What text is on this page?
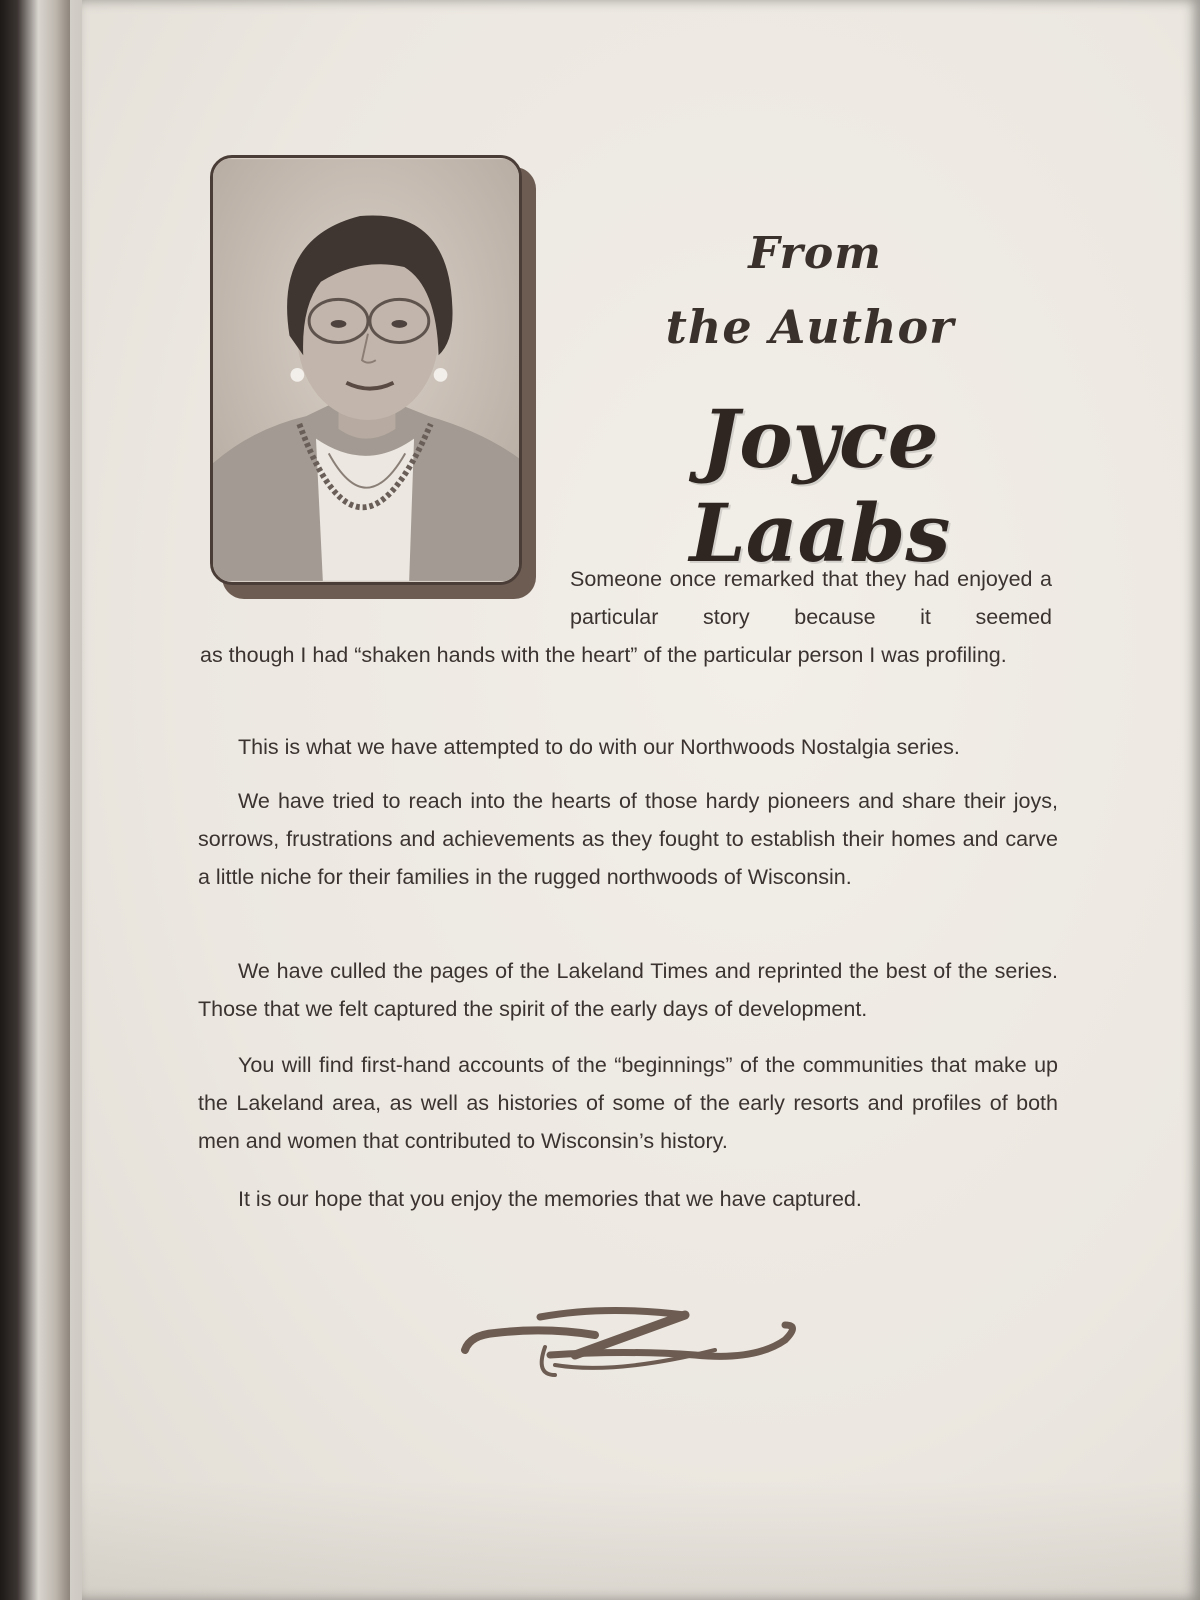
From
the Author
Joyce Laabs
Someone once remarked that they had enjoyed a particular story because it seemed
as though I had “shaken hands with the heart” of the particular person I was profiling.
This is what we have attempted to do with our Northwoods Nostalgia series.
We have tried to reach into the hearts of those hardy pioneers and share their joys, sorrows, frustrations and achievements as they fought to establish their homes and carve a little niche for their families in the rugged northwoods of Wisconsin.
We have culled the pages of the Lakeland Times and reprinted the best of the series. Those that we felt captured the spirit of the early days of development.
You will find first-hand accounts of the “beginnings” of the communities that make up the Lakeland area, as well as histories of some of the early resorts and profiles of both men and women that contributed to Wisconsin’s history.
It is our hope that you enjoy the memories that we have captured.
